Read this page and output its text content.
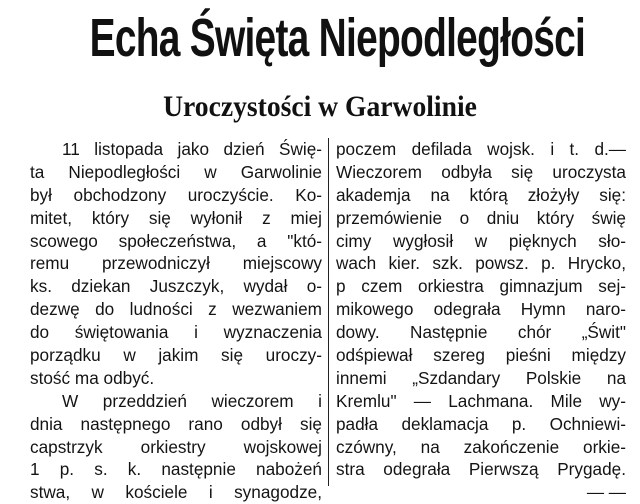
Echa Święta Niepodległości
Uroczystości w Garwolinie
11 listopada jako dzień Świę-
ta Niepodległości w Garwolinie
był obchodzony uroczyście. Ko-
mitet, który się wyłonił z miej
scowego społeczeństwa, a "któ-
remu przewodniczył miejscowy
ks. dziekan Juszczyk, wydał o-
dezwę do ludności z wezwaniem
do świętowania i wyznaczenia
porządku w jakim się uroczy-
stość ma odbyć.
W przeddzień wieczorem i
dnia następnego rano odbył się
capstrzyk orkiestry wojskowej
1 p. s. k. następnie nabożeń
stwa, w kościele i synagodze,
poczem defilada wojsk. i t. d.—
Wieczorem odbyła się uroczysta
akademja na którą złożyły się:
przemówienie o dniu który świę
cimy wygłosił w pięknych sło-
wach kier. szk. powsz. p. Hrycko,
p czem orkiestra gimnazjum sej-
mikowego odegrała Hymn naro-
dowy. Następnie chór „Świt"
odśpiewał szereg pieśni między
innemi „Szdandary Polskie na
Kremlu" — Lachmana. Mile wy-
padła deklamacja p. Ochniewi-
czówny, na zakończenie orkie-
stra odegrała Pierwszą Prygadę.
— —
